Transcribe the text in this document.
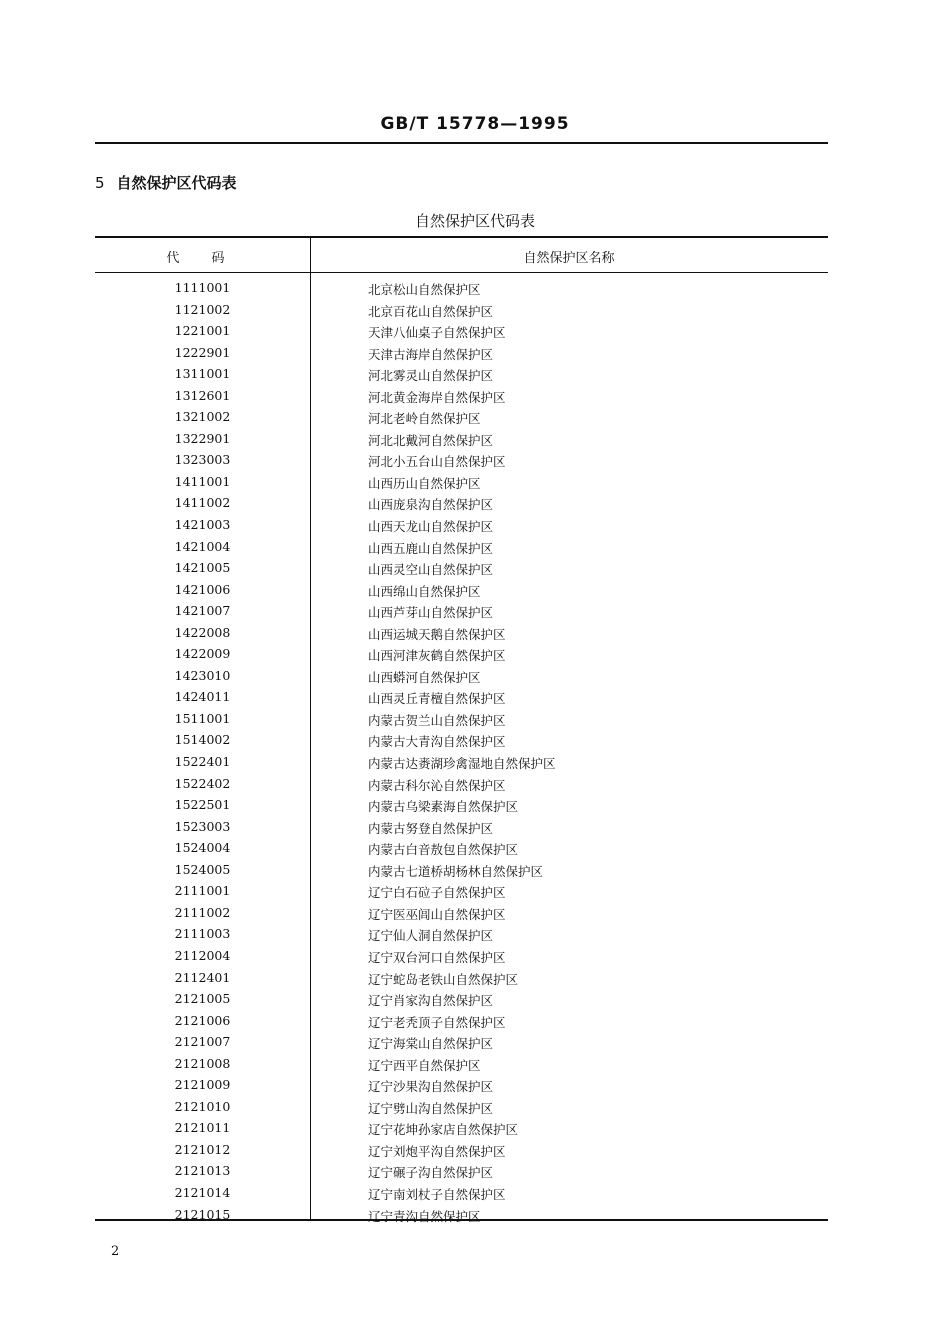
GB/T 15778—1995
5 自然保护区代码表
自然保护区代码表
代 码	自然保护区名称
1111001	北京松山自然保护区
1121002	北京百花山自然保护区
1221001	天津八仙桌子自然保护区
1222901	天津古海岸自然保护区
1311001	河北雾灵山自然保护区
1312601	河北黄金海岸自然保护区
1321002	河北老岭自然保护区
1322901	河北北戴河自然保护区
1323003	河北小五台山自然保护区
1411001	山西历山自然保护区
1411002	山西庞泉沟自然保护区
1421003	山西天龙山自然保护区
1421004	山西五鹿山自然保护区
1421005	山西灵空山自然保护区
1421006	山西绵山自然保护区
1421007	山西芦芽山自然保护区
1422008	山西运城天鹅自然保护区
1422009	山西河津灰鹤自然保护区
1423010	山西蟒河自然保护区
1424011	山西灵丘青檀自然保护区
1511001	内蒙古贺兰山自然保护区
1514002	内蒙古大青沟自然保护区
1522401	内蒙古达赉湖珍禽湿地自然保护区
1522402	内蒙古科尔沁自然保护区
1522501	内蒙古乌梁素海自然保护区
1523003	内蒙古努登自然保护区
1524004	内蒙古白音敖包自然保护区
1524005	内蒙古七道桥胡杨林自然保护区
2111001	辽宁白石砬子自然保护区
2111002	辽宁医巫闾山自然保护区
2111003	辽宁仙人洞自然保护区
2112004	辽宁双台河口自然保护区
2112401	辽宁蛇岛老铁山自然保护区
2121005	辽宁肖家沟自然保护区
2121006	辽宁老秃顶子自然保护区
2121007	辽宁海棠山自然保护区
2121008	辽宁西平自然保护区
2121009	辽宁沙果沟自然保护区
2121010	辽宁劈山沟自然保护区
2121011	辽宁花坤孙家店自然保护区
2121012	辽宁刘炮平沟自然保护区
2121013	辽宁碾子沟自然保护区
2121014	辽宁南刘杖子自然保护区
2121015	辽宁青沟自然保护区
2
